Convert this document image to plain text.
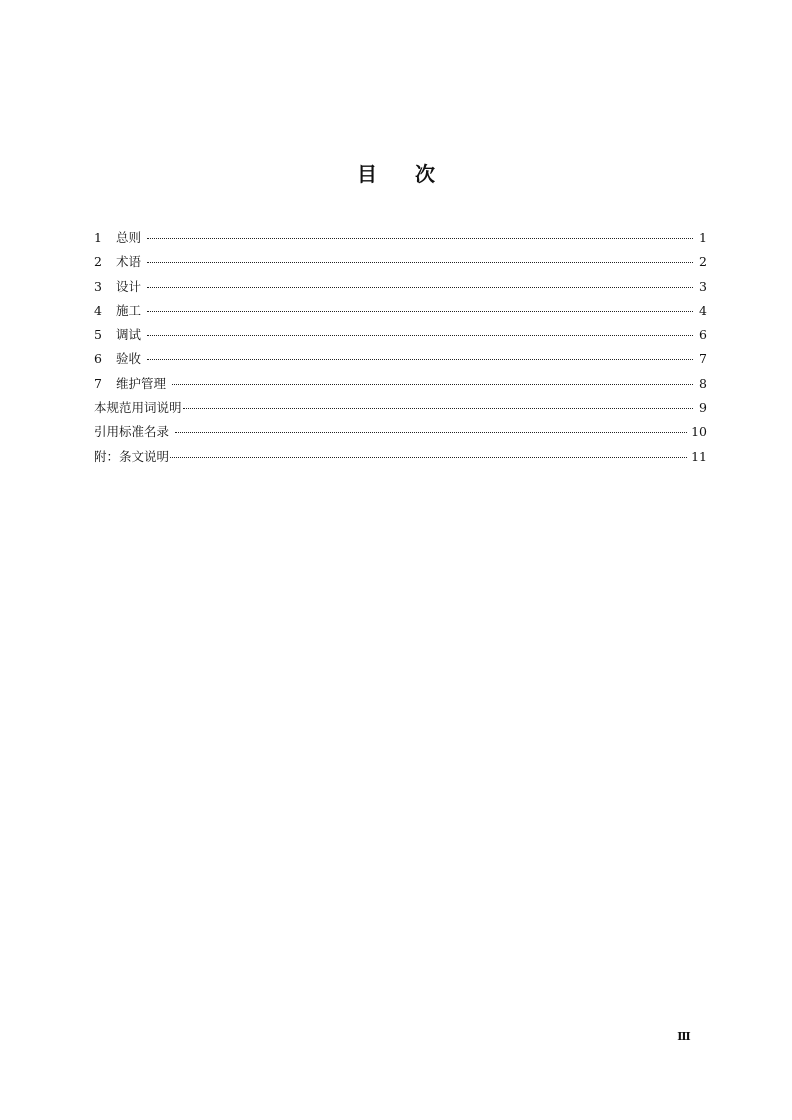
目次
1	总则	1
2	术语	2
3	设计	3
4	施工	4
5	调试	6
6	验收	7
7	维护管理	8
本规范用词说明	9
引用标准名录	10
附：条文说明	11
Ⅲ
